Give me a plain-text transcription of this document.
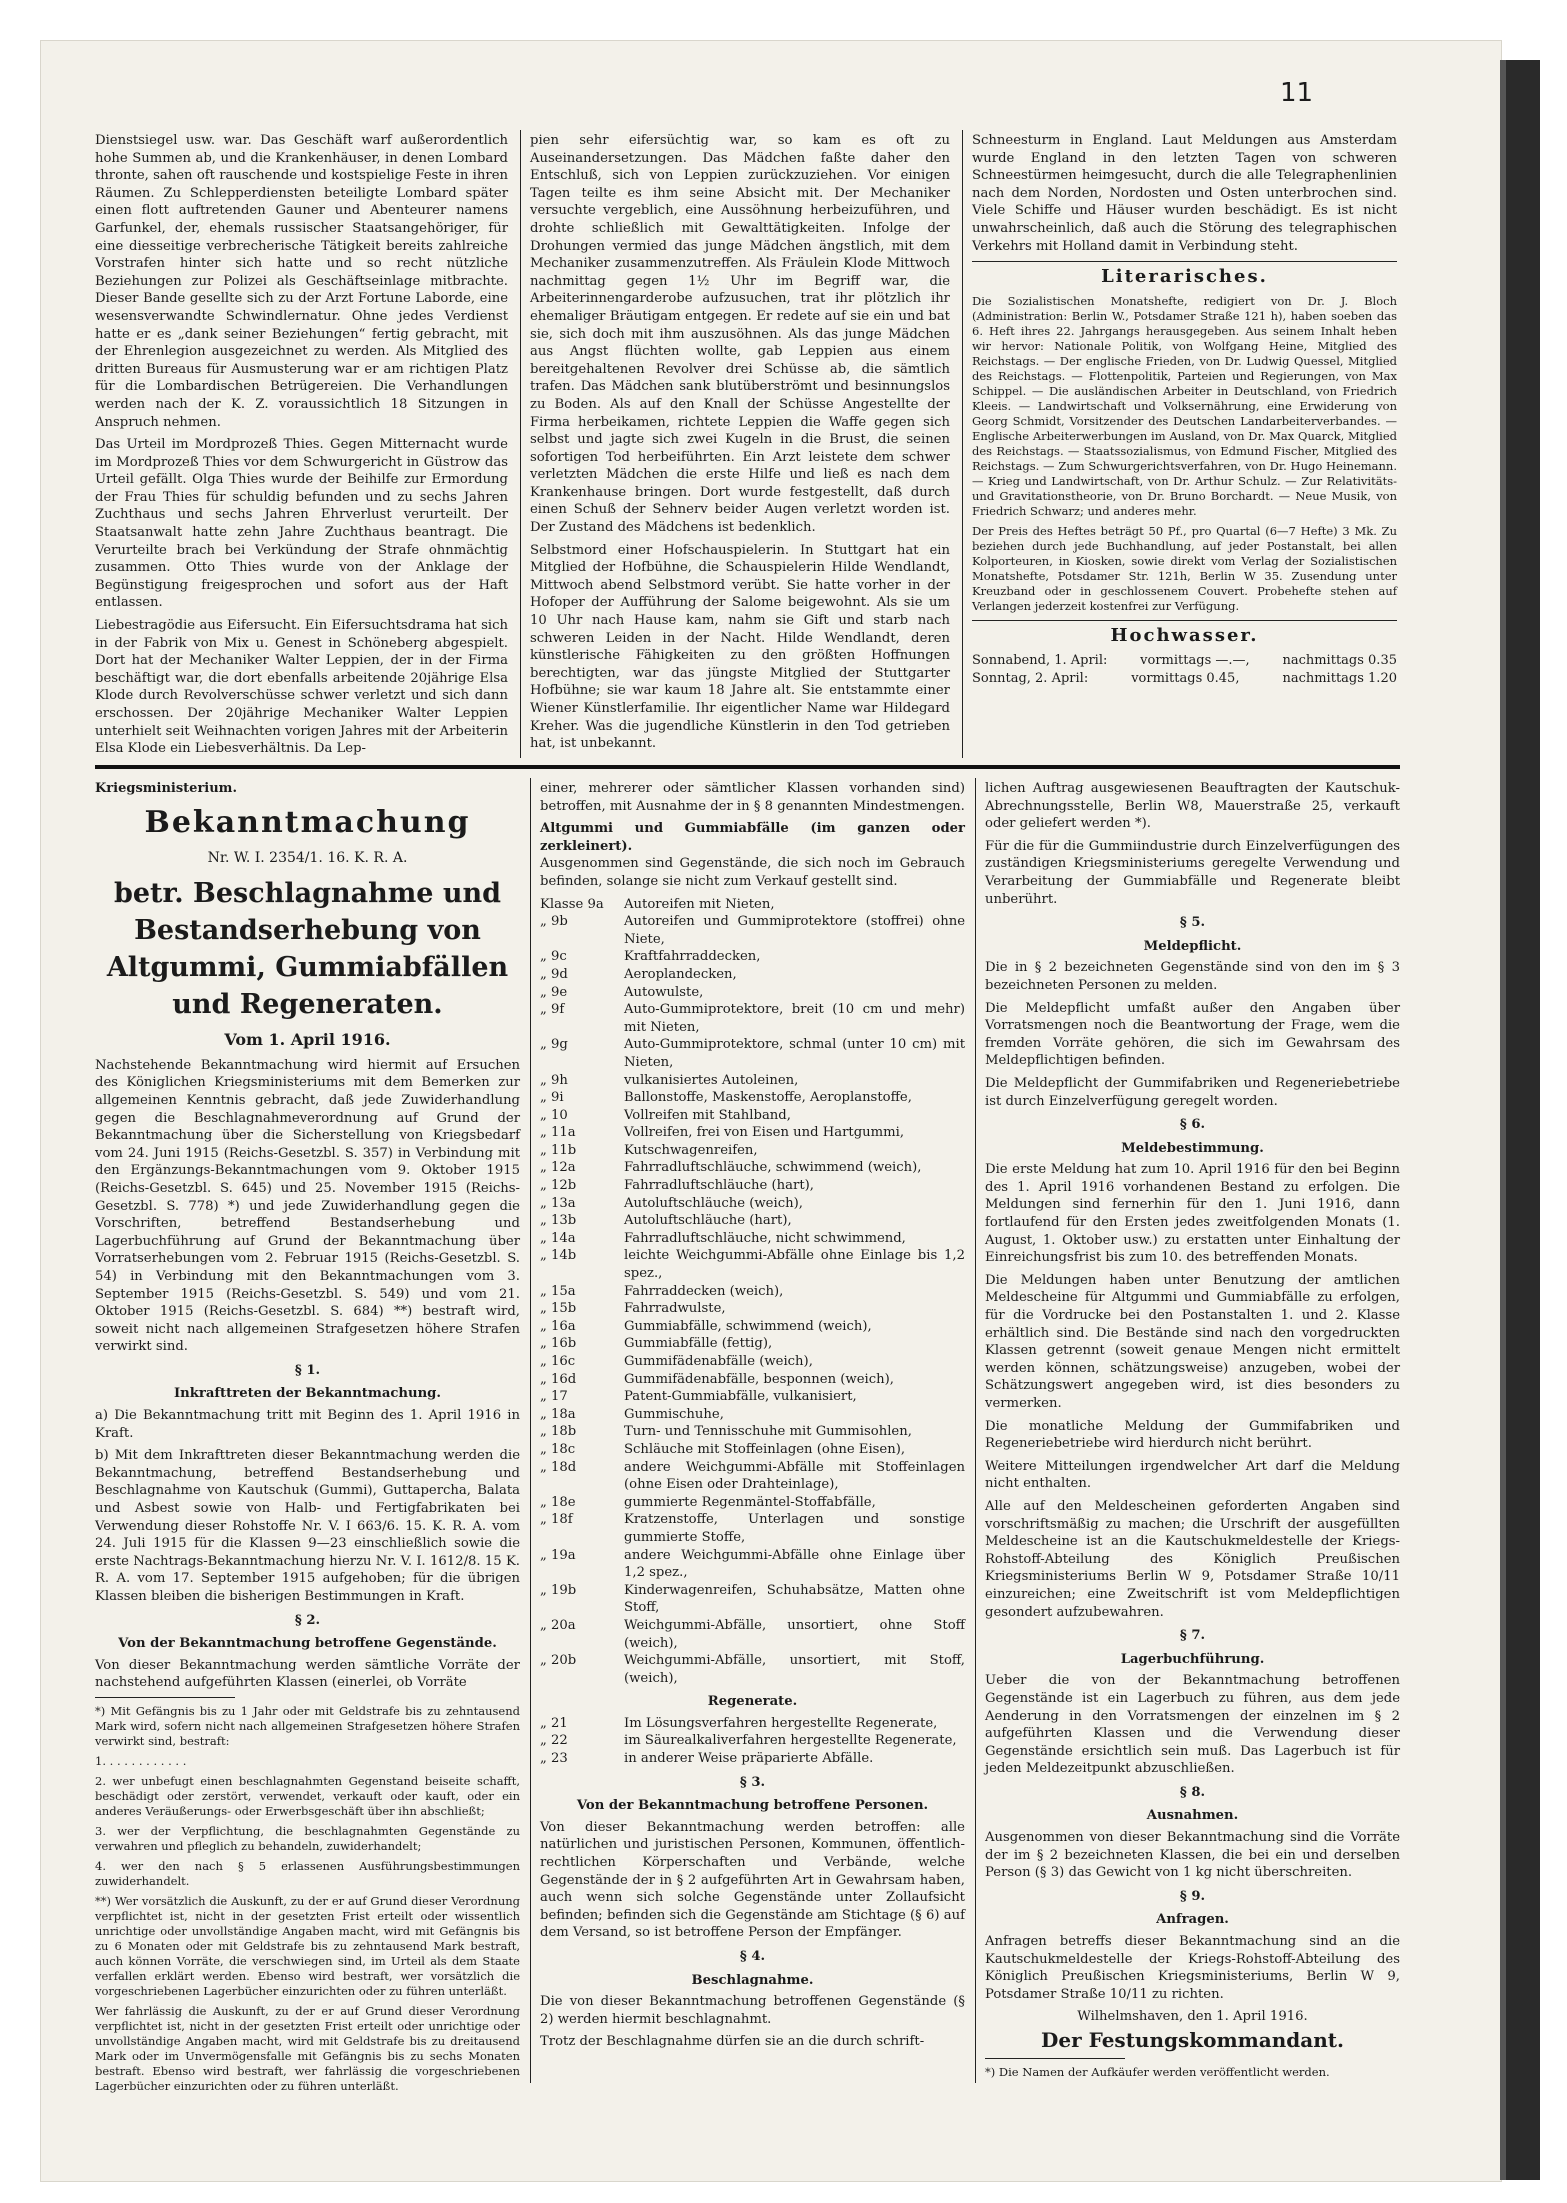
11

Dienstsiegel usw. war. Das Geschäft warf außerordentlich hohe Summen ab, und die Krankenhäuser, in denen Lombard thronte, sahen oft rauschende und kostspielige Feste in ihren Räumen. Zu Schlepperdiensten beteiligte Lombard später einen flott auftretenden Gauner und Abenteurer namens Garfunkel, der, ehemals russischer Staatsangehöriger, für eine diesseitige verbrecherische Tätigkeit bereits zahlreiche Vorstrafen hinter sich hatte und so recht nützliche Beziehungen zur Polizei als Geschäftseinlage mitbrachte. Dieser Bande gesellte sich zu der Arzt Fortune Laborde, eine wesensverwandte Schwindlernatur. Ohne jedes Verdienst hatte er es „dank seiner Beziehungen“ fertig gebracht, mit der Ehrenlegion ausgezeichnet zu werden. Als Mitglied des dritten Bureaus für Ausmusterung war er am richtigen Platz für die Lombardischen Betrügereien. Die Verhandlungen werden nach der K. Z. voraussichtlich 18 Sitzungen in Anspruch nehmen.

Das Urteil im Mordprozeß Thies. Gegen Mitternacht wurde im Mordprozeß Thies vor dem Schwurgericht in Güstrow das Urteil gefällt. Olga Thies wurde der Beihilfe zur Ermordung der Frau Thies für schuldig befunden und zu sechs Jahren Zuchthaus und sechs Jahren Ehrverlust verurteilt. Der Staatsanwalt hatte zehn Jahre Zuchthaus beantragt. Die Verurteilte brach bei Verkündung der Strafe ohnmächtig zusammen. Otto Thies wurde von der Anklage der Begünstigung freigesprochen und sofort aus der Haft entlassen.

Liebestragödie aus Eifersucht. Ein Eifersuchtsdrama hat sich in der Fabrik von Mix u. Genest in Schöneberg abgespielt. Dort hat der Mechaniker Walter Leppien, der in der Firma beschäftigt war, die dort ebenfalls arbeitende 20jährige Elsa Klode durch Revolverschüsse schwer verletzt und sich dann erschossen. Der 20jährige Mechaniker Walter Leppien unterhielt seit Weihnachten vorigen Jahres mit der Arbeiterin Elsa Klode ein Liebesverhältnis. Da Lep-

pien sehr eifersüchtig war, so kam es oft zu Auseinandersetzungen. Das Mädchen faßte daher den Entschluß, sich von Leppien zurückzuziehen. Vor einigen Tagen teilte es ihm seine Absicht mit. Der Mechaniker versuchte vergeblich, eine Aussöhnung herbeizuführen, und drohte schließlich mit Gewalttätigkeiten. Infolge der Drohungen vermied das junge Mädchen ängstlich, mit dem Mechaniker zusammenzutreffen. Als Fräulein Klode Mittwoch nachmittag gegen 1½ Uhr im Begriff war, die Arbeiterinnengarderobe aufzusuchen, trat ihr plötzlich ihr ehemaliger Bräutigam entgegen. Er redete auf sie ein und bat sie, sich doch mit ihm auszusöhnen. Als das junge Mädchen aus Angst flüchten wollte, gab Leppien aus einem bereitgehaltenen Revolver drei Schüsse ab, die sämtlich trafen. Das Mädchen sank blutüberströmt und besinnungslos zu Boden. Als auf den Knall der Schüsse Angestellte der Firma herbeikamen, richtete Leppien die Waffe gegen sich selbst und jagte sich zwei Kugeln in die Brust, die seinen sofortigen Tod herbeiführten. Ein Arzt leistete dem schwer verletzten Mädchen die erste Hilfe und ließ es nach dem Krankenhause bringen. Dort wurde festgestellt, daß durch einen Schuß der Sehnerv beider Augen verletzt worden ist. Der Zustand des Mädchens ist bedenklich.

Selbstmord einer Hofschauspielerin. In Stuttgart hat ein Mitglied der Hofbühne, die Schauspielerin Hilde Wendlandt, Mittwoch abend Selbstmord verübt. Sie hatte vorher in der Hofoper der Aufführung der Salome beigewohnt. Als sie um 10 Uhr nach Hause kam, nahm sie Gift und starb nach schweren Leiden in der Nacht. Hilde Wendlandt, deren künstlerische Fähigkeiten zu den größten Hoffnungen berechtigten, war das jüngste Mitglied der Stuttgarter Hofbühne; sie war kaum 18 Jahre alt. Sie entstammte einer Wiener Künstlerfamilie. Ihr eigentlicher Name war Hildegard Kreher. Was die jugendliche Künstlerin in den Tod getrieben hat, ist unbekannt.

Schneesturm in England. Laut Meldungen aus Amsterdam wurde England in den letzten Tagen von schweren Schneestürmen heimgesucht, durch die alle Telegraphenlinien nach dem Norden, Nordosten und Osten unterbrochen sind. Viele Schiffe und Häuser wurden beschädigt. Es ist nicht unwahrscheinlich, daß auch die Störung des telegraphischen Verkehrs mit Holland damit in Verbindung steht.

Literarisches.

Die Sozialistischen Monatshefte, redigiert von Dr. J. Bloch (Administration: Berlin W., Potsdamer Straße 121 h), haben soeben das 6. Heft ihres 22. Jahrgangs herausgegeben. Aus seinem Inhalt heben wir hervor: Nationale Politik, von Wolfgang Heine, Mitglied des Reichstags. — Der englische Frieden, von Dr. Ludwig Quessel, Mitglied des Reichstags. — Flottenpolitik, Parteien und Regierungen, von Max Schippel. — Die ausländischen Arbeiter in Deutschland, von Friedrich Kleeis. — Landwirtschaft und Volksernährung, eine Erwiderung von Georg Schmidt, Vorsitzender des Deutschen Landarbeiterverbandes. — Englische Arbeiterwerbungen im Ausland, von Dr. Max Quarck, Mitglied des Reichstags. — Staatssozialismus, von Edmund Fischer, Mitglied des Reichstags. — Zum Schwurgerichtsverfahren, von Dr. Hugo Heinemann. — Krieg und Landwirtschaft, von Dr. Arthur Schulz. — Zur Relativitäts- und Gravitationstheorie, von Dr. Bruno Borchardt. — Neue Musik, von Friedrich Schwarz; und anderes mehr.

Der Preis des Heftes beträgt 50 Pf., pro Quartal (6—7 Hefte) 3 Mk. Zu beziehen durch jede Buchhandlung, auf jeder Postanstalt, bei allen Kolporteuren, in Kiosken, sowie direkt vom Verlag der Sozialistischen Monatshefte, Potsdamer Str. 121h, Berlin W 35. Zusendung unter Kreuzband oder in geschlossenem Couvert. Probehefte stehen auf Verlangen jederzeit kostenfrei zur Verfügung.

Hochwasser.
Sonnabend, 1. April:	vormittags —.—,	nachmittags 0.35
Sonntag, 2. April:	vormittags 0.45,	nachmittags 1.20
Kriegsministerium.
Bekanntmachung
Nr. W. I. 2354/1. 16. K. R. A.
betr. Beschlagnahme und Bestandserhebung von Altgummi, Gummiabfällen und Regeneraten.
Vom 1. April 1916.

Nachstehende Bekanntmachung wird hiermit auf Ersuchen des Königlichen Kriegsministeriums mit dem Bemerken zur allgemeinen Kenntnis gebracht, daß jede Zuwiderhandlung gegen die Beschlagnahmeverordnung auf Grund der Bekanntmachung über die Sicherstellung von Kriegsbedarf vom 24. Juni 1915 (Reichs-Gesetzbl. S. 357) in Verbindung mit den Ergänzungs-Bekanntmachungen vom 9. Oktober 1915 (Reichs-Gesetzbl. S. 645) und 25. November 1915 (Reichs-Gesetzbl. S. 778) *) und jede Zuwiderhandlung gegen die Vorschriften, betreffend Bestandserhebung und Lagerbuchführung auf Grund der Bekanntmachung über Vorratserhebungen vom 2. Februar 1915 (Reichs-Gesetzbl. S. 54) in Verbindung mit den Bekanntmachungen vom 3. September 1915 (Reichs-Gesetzbl. S. 549) und vom 21. Oktober 1915 (Reichs-Gesetzbl. S. 684) **) bestraft wird, soweit nicht nach allgemeinen Strafgesetzen höhere Strafen verwirkt sind.

§ 1.
Inkrafttreten der Bekanntmachung.

a) Die Bekanntmachung tritt mit Beginn des 1. April 1916 in Kraft.

b) Mit dem Inkrafttreten dieser Bekanntmachung werden die Bekanntmachung, betreffend Bestandserhebung und Beschlagnahme von Kautschuk (Gummi), Guttapercha, Balata und Asbest sowie von Halb- und Fertigfabrikaten bei Verwendung dieser Rohstoffe Nr. V. I 663/6. 15. K. R. A. vom 24. Juli 1915 für die Klassen 9—23 einschließlich sowie die erste Nachtrags-Bekanntmachung hierzu Nr. V. I. 1612/8. 15 K. R. A. vom 17. September 1915 aufgehoben; für die übrigen Klassen bleiben die bisherigen Bestimmungen in Kraft.

§ 2.
Von der Bekanntmachung betroffene Gegenstände.

Von dieser Bekanntmachung werden sämtliche Vorräte der nachstehend aufgeführten Klassen (einerlei, ob Vorräte

*) Mit Gefängnis bis zu 1 Jahr oder mit Geldstrafe bis zu zehntausend Mark wird, sofern nicht nach allgemeinen Strafgesetzen höhere Strafen verwirkt sind, bestraft:

1. . . . . . . . . . . .

2. wer unbefugt einen beschlagnahmten Gegenstand beiseite schafft, beschädigt oder zerstört, verwendet, verkauft oder kauft, oder ein anderes Veräußerungs- oder Erwerbsgeschäft über ihn abschließt;

3. wer der Verpflichtung, die beschlagnahmten Gegenstände zu verwahren und pfleglich zu behandeln, zuwiderhandelt;

4. wer den nach § 5 erlassenen Ausführungsbestimmungen zuwiderhandelt.

**) Wer vorsätzlich die Auskunft, zu der er auf Grund dieser Verordnung verpflichtet ist, nicht in der gesetzten Frist erteilt oder wissentlich unrichtige oder unvollständige Angaben macht, wird mit Gefängnis bis zu 6 Monaten oder mit Geldstrafe bis zu zehntausend Mark bestraft, auch können Vorräte, die verschwiegen sind, im Urteil als dem Staate verfallen erklärt werden. Ebenso wird bestraft, wer vorsätzlich die vorgeschriebenen Lagerbücher einzurichten oder zu führen unterläßt.

Wer fahrlässig die Auskunft, zu der er auf Grund dieser Verordnung verpflichtet ist, nicht in der gesetzten Frist erteilt oder unrichtige oder unvollständige Angaben macht, wird mit Geldstrafe bis zu dreitausend Mark oder im Unvermögensfalle mit Gefängnis bis zu sechs Monaten bestraft. Ebenso wird bestraft, wer fahrlässig die vorgeschriebenen Lagerbücher einzurichten oder zu führen unterläßt.

einer, mehrerer oder sämtlicher Klassen vorhanden sind) betroffen, mit Ausnahme der in § 8 genannten Mindestmengen.

Altgummi und Gummiabfälle (im ganzen oder zerkleinert).

Ausgenommen sind Gegenstände, die sich noch im Gebrauch befinden, solange sie nicht zum Verkauf gestellt sind.

Klasse 9a	Autoreifen mit Nieten,
„ 9b	Autoreifen und Gummiprotektore (stoffrei) ohne Niete,
„ 9c	Kraftfahrraddecken,
„ 9d	Aeroplandecken,
„ 9e	Autowulste,
„ 9f	Auto-Gummiprotektore, breit (10 cm und mehr) mit Nieten,
„ 9g	Auto-Gummiprotektore, schmal (unter 10 cm) mit Nieten,
„ 9h	vulkanisiertes Autoleinen,
„ 9i	Ballonstoffe, Maskenstoffe, Aeroplanstoffe,
„ 10	Vollreifen mit Stahlband,
„ 11a	Vollreifen, frei von Eisen und Hartgummi,
„ 11b	Kutschwagenreifen,
„ 12a	Fahrradluftschläuche, schwimmend (weich),
„ 12b	Fahrradluftschläuche (hart),
„ 13a	Autoluftschläuche (weich),
„ 13b	Autoluftschläuche (hart),
„ 14a	Fahrradluftschläuche, nicht schwimmend,
„ 14b	leichte Weichgummi-Abfälle ohne Einlage bis 1,2 spez.,
„ 15a	Fahrraddecken (weich),
„ 15b	Fahrradwulste,
„ 16a	Gummiabfälle, schwimmend (weich),
„ 16b	Gummiabfälle (fettig),
„ 16c	Gummifädenabfälle (weich),
„ 16d	Gummifädenabfälle, besponnen (weich),
„ 17	Patent-Gummiabfälle, vulkanisiert,
„ 18a	Gummischuhe,
„ 18b	Turn- und Tennisschuhe mit Gummisohlen,
„ 18c	Schläuche mit Stoffeinlagen (ohne Eisen),
„ 18d	andere Weichgummi-Abfälle mit Stoffeinlagen (ohne Eisen oder Drahteinlage),
„ 18e	gummierte Regenmäntel-Stoffabfälle,
„ 18f	Kratzenstoffe, Unterlagen und sonstige gummierte Stoffe,
„ 19a	andere Weichgummi-Abfälle ohne Einlage über 1,2 spez.,
„ 19b	Kinderwagenreifen, Schuhabsätze, Matten ohne Stoff,
„ 20a	Weichgummi-Abfälle, unsortiert, ohne Stoff (weich),
„ 20b	Weichgummi-Abfälle, unsortiert, mit Stoff, (weich),
Regenerate.
„ 21	Im Lösungsverfahren hergestellte Regenerate,
„ 22	im Säurealkaliverfahren hergestellte Regenerate,
„ 23	in anderer Weise präparierte Abfälle.
§ 3.
Von der Bekanntmachung betroffene Personen.

Von dieser Bekanntmachung werden betroffen: alle natürlichen und juristischen Personen, Kommunen, öffentlich-rechtlichen Körperschaften und Verbände, welche Gegenstände der in § 2 aufgeführten Art in Gewahrsam haben, auch wenn sich solche Gegenstände unter Zollaufsicht befinden; befinden sich die Gegenstände am Stichtage (§ 6) auf dem Versand, so ist betroffene Person der Empfänger.

§ 4.
Beschlagnahme.

Die von dieser Bekanntmachung betroffenen Gegenstände (§ 2) werden hiermit beschlagnahmt.

Trotz der Beschlagnahme dürfen sie an die durch schrift-

lichen Auftrag ausgewiesenen Beauftragten der Kautschuk-Abrechnungsstelle, Berlin W8, Mauerstraße 25, verkauft oder geliefert werden *).

Für die für die Gummiindustrie durch Einzelverfügungen des zuständigen Kriegsministeriums geregelte Verwendung und Verarbeitung der Gummiabfälle und Regenerate bleibt unberührt.

§ 5.
Meldepflicht.

Die in § 2 bezeichneten Gegenstände sind von den im § 3 bezeichneten Personen zu melden.

Die Meldepflicht umfaßt außer den Angaben über Vorratsmengen noch die Beantwortung der Frage, wem die fremden Vorräte gehören, die sich im Gewahrsam des Meldepflichtigen befinden.

Die Meldepflicht der Gummifabriken und Regeneriebetriebe ist durch Einzelverfügung geregelt worden.

§ 6.
Meldebestimmung.

Die erste Meldung hat zum 10. April 1916 für den bei Beginn des 1. April 1916 vorhandenen Bestand zu erfolgen. Die Meldungen sind fernerhin für den 1. Juni 1916, dann fortlaufend für den Ersten jedes zweitfolgenden Monats (1. August, 1. Oktober usw.) zu erstatten unter Einhaltung der Einreichungsfrist bis zum 10. des betreffenden Monats.

Die Meldungen haben unter Benutzung der amtlichen Meldescheine für Altgummi und Gummiabfälle zu erfolgen, für die Vordrucke bei den Postanstalten 1. und 2. Klasse erhältlich sind. Die Bestände sind nach den vorgedruckten Klassen getrennt (soweit genaue Mengen nicht ermittelt werden können, schätzungsweise) anzugeben, wobei der Schätzungswert angegeben wird, ist dies besonders zu vermerken.

Die monatliche Meldung der Gummifabriken und Regeneriebetriebe wird hierdurch nicht berührt.

Weitere Mitteilungen irgendwelcher Art darf die Meldung nicht enthalten.

Alle auf den Meldescheinen geforderten Angaben sind vorschriftsmäßig zu machen; die Urschrift der ausgefüllten Meldescheine ist an die Kautschukmeldestelle der Kriegs-Rohstoff-Abteilung des Königlich Preußischen Kriegsministeriums Berlin W 9, Potsdamer Straße 10/11 einzureichen; eine Zweitschrift ist vom Meldepflichtigen gesondert aufzubewahren.

§ 7.
Lagerbuchführung.

Ueber die von der Bekanntmachung betroffenen Gegenstände ist ein Lagerbuch zu führen, aus dem jede Aenderung in den Vorratsmengen der einzelnen im § 2 aufgeführten Klassen und die Verwendung dieser Gegenstände ersichtlich sein muß. Das Lagerbuch ist für jeden Meldezeitpunkt abzuschließen.

§ 8.
Ausnahmen.

Ausgenommen von dieser Bekanntmachung sind die Vorräte der im § 2 bezeichneten Klassen, die bei ein und derselben Person (§ 3) das Gewicht von 1 kg nicht überschreiten.

§ 9.
Anfragen.

Anfragen betreffs dieser Bekanntmachung sind an die Kautschukmeldestelle der Kriegs-Rohstoff-Abteilung des Königlich Preußischen Kriegsministeriums, Berlin W 9, Potsdamer Straße 10/11 zu richten.

Wilhelmshaven, den 1. April 1916.

Der Festungskommandant.

*) Die Namen der Aufkäufer werden veröffentlicht werden.
